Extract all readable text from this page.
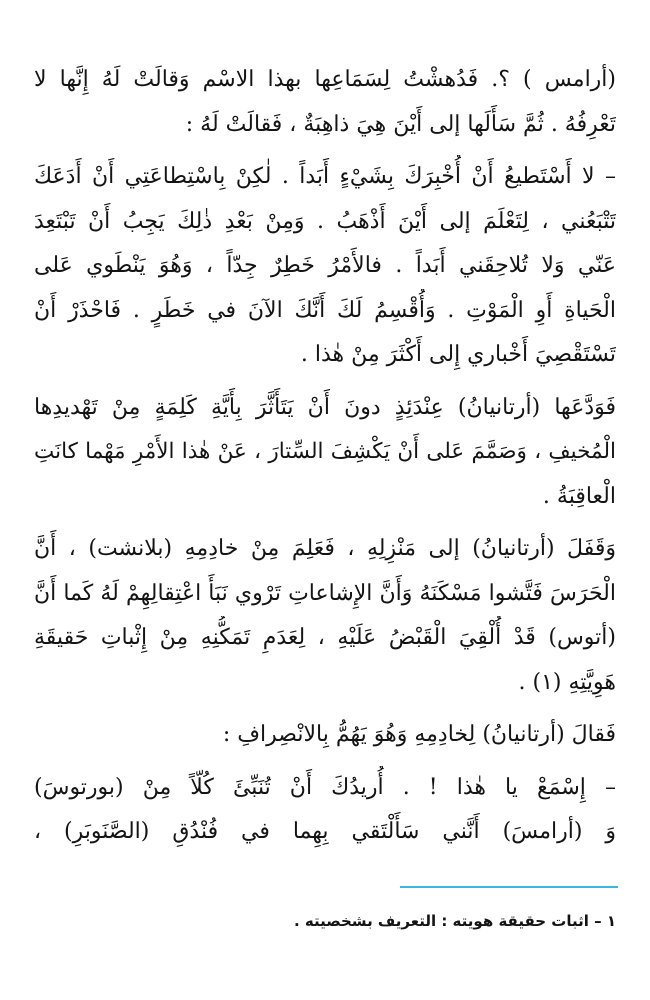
(أرامس ) ؟. فَدُهشْتُ لِسَمَاعِها بهذا الاسْم وَقالَتْ لَهُ إِنَّها لا
تَعْرِفُهُ . ثُمَّ سَأَلَها إلى أَيْنَ هِيَ ذاهِبَةٌ ، فَقالَتْ لَهُ :
– لا أَسْتَطيعُ أَنْ أُخْبِرَكَ بِشَيْءٍ أَبَداً . لٰكِنْ بِاسْتِطاعَتِي أَنْ أَدَعَكَ
تَتْبَعُني ، لِتَعْلَمَ إلى أَيْنَ أَذْهَبُ . وَمِنْ بَعْدِ ذٰلِكَ يَجِبُ أَنْ تَبْتَعِدَ
عَنّي وَلا تُلاحِقَني أَبَداً . فالأَمْرُ خَطِرٌ جِدّاً ، وَهُوَ يَنْطَوي عَلى
الْحَياةِ أَوِ الْمَوْتِ . وَأُقْسِمُ لَكَ أَنَّكَ الآنَ في خَطَرٍ . فَاحْذَرْ أَنْ
تَسْتَقْصِيَ أَخْباري إِلى أَكْثَرَ مِنْ هٰذا .
فَوَدَّعَها (أرتانيانُ) عِنْدَئِذٍ دونَ أَنْ يَتَأَثَّرَ بِأَيَّةِ كَلِمَةٍ مِنْ تَهْديدِها
الْمُخيفِ ، وَصَمَّمَ عَلى أَنْ يَكْشِفَ السِّتارَ ، عَنْ هٰذا الأَمْرِ مَهْما كانَتِ
الْعاقِبَةُ .
وَقَفَلَ (أرتانيانُ) إلى مَنْزِلِهِ ، فَعَلِمَ مِنْ خادِمِهِ (بلانشت) ، أَنَّ
الْحَرَسَ فَتَّشوا مَسْكَنَهُ وَأَنَّ الإِشاعاتِ تَرْوي نَبَأَ اعْتِقالِهِمْ لَهُ كَما أَنَّ
(أتوس) قَدْ أُلْقِيَ الْقَبْضُ عَلَيْهِ ، لِعَدَمِ تَمَكُّنِهِ مِنْ إِثْباتِ حَقيقَةِ
هَوِيَّتِهِ (١) .
فَقالَ (أرتانيانُ) لِخادِمِهِ وَهُوَ يَهُمُّ بِالانْصِرافِ :
– إِسْمَعْ يا هٰذا ! . أُريدُكَ أَنْ تُنَبِّئَ كُلّاً مِنْ (بورتوسَ)
وَ (أرامسَ) أَنَّني سَأَلْتَقي بِهِما في فُنْدُقِ (الصَّنَوبَرِ) ،
١ – اثبات حقيقة هويته : التعريف بشخصيته .
